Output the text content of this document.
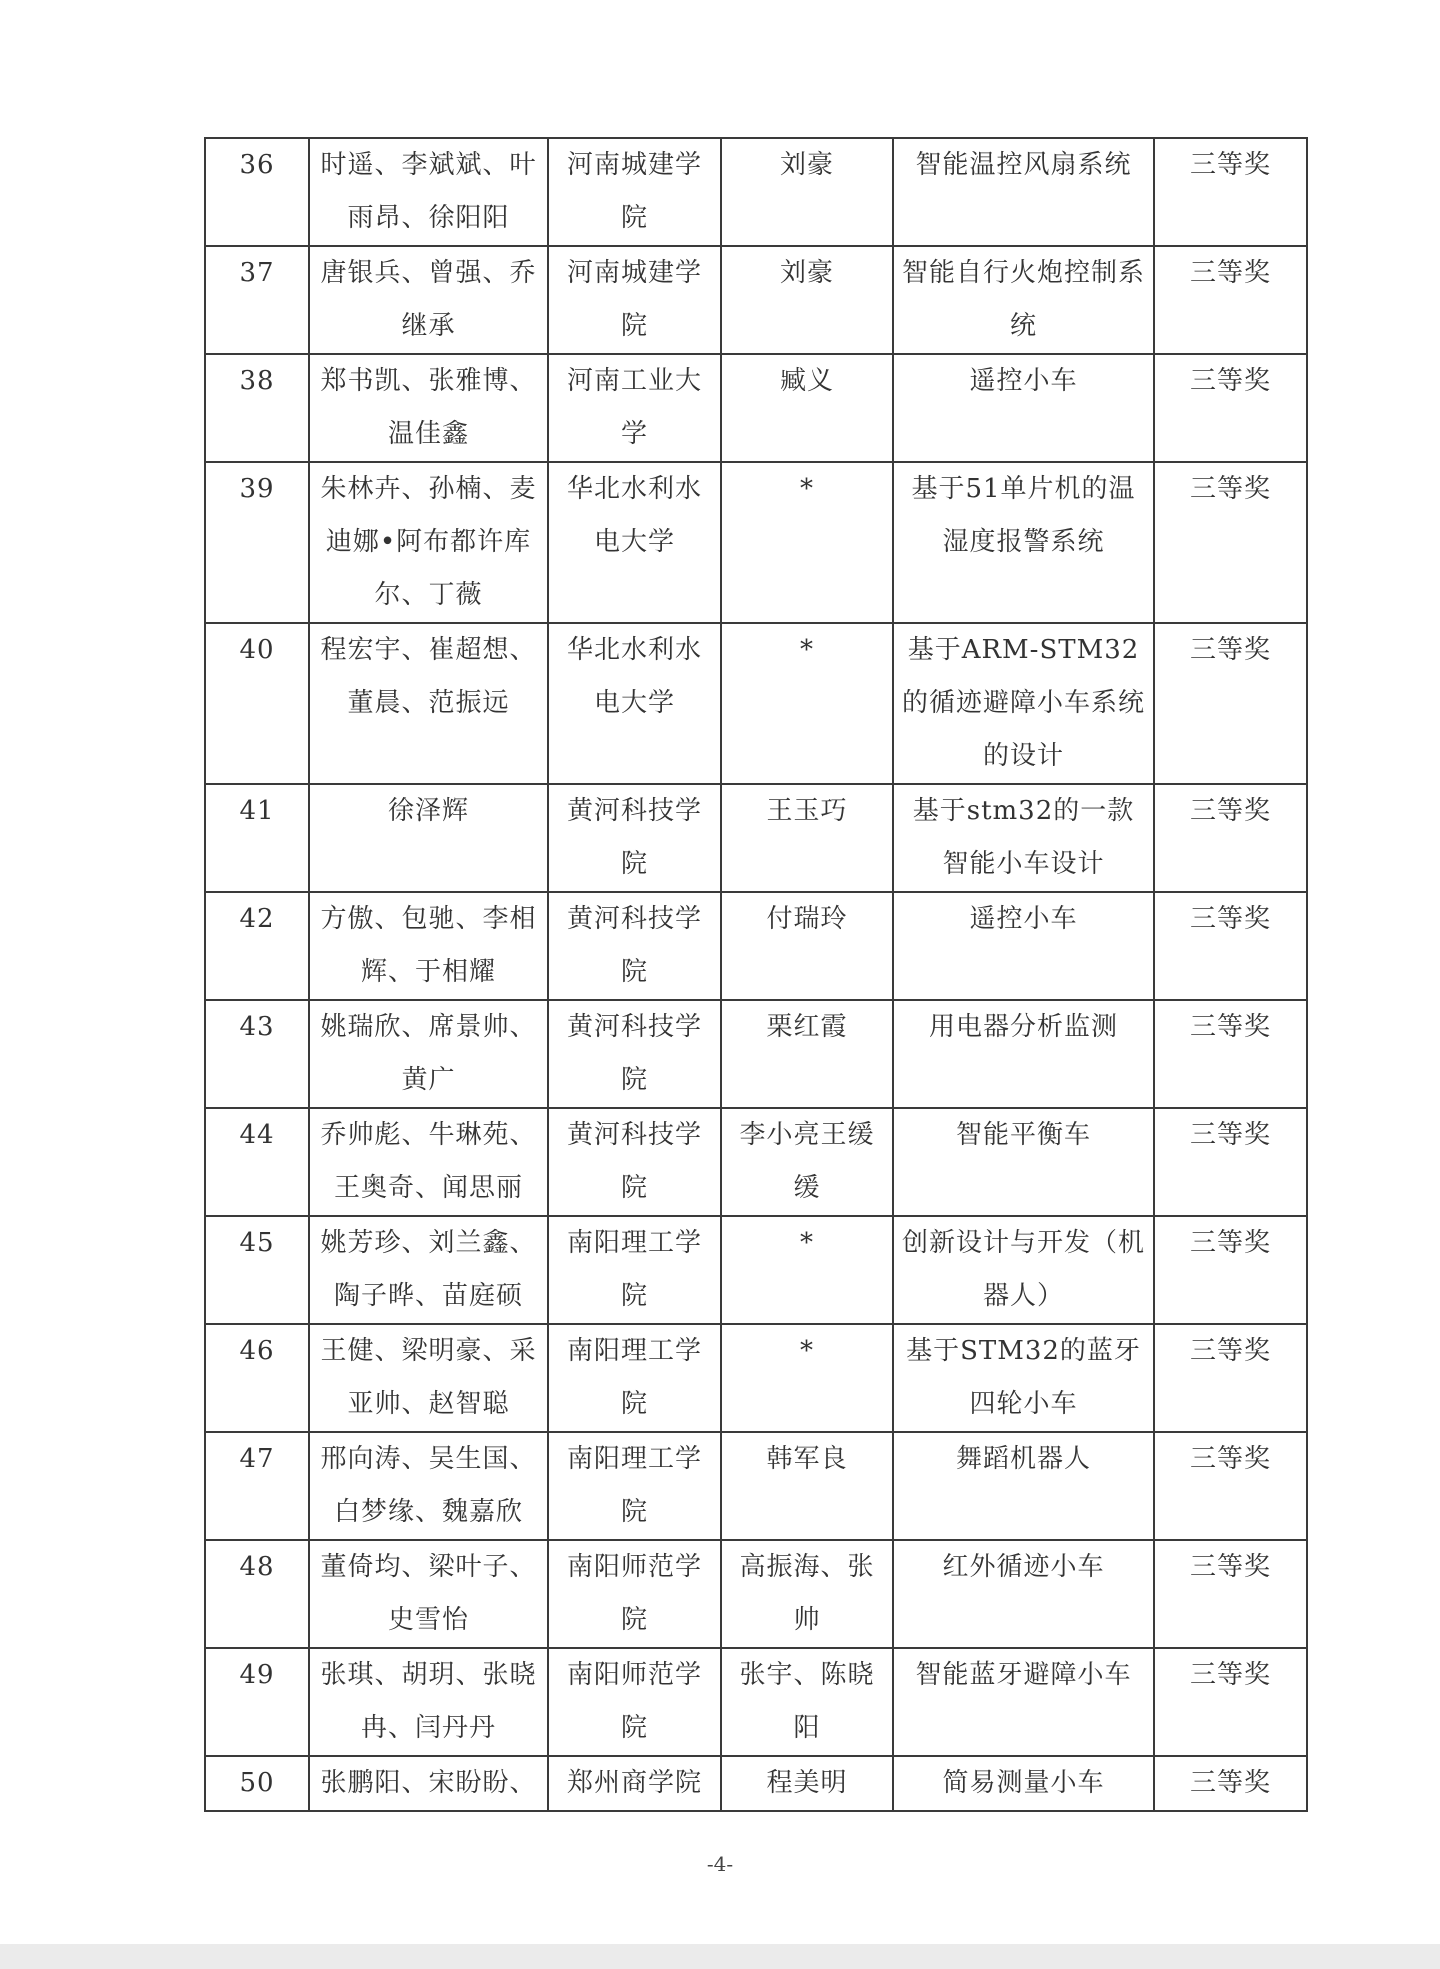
36	时遥、李斌斌、叶雨昂、徐阳阳	河南城建学院	刘豪	智能温控风扇系统	三等奖
37	唐银兵、曾强、乔继承	河南城建学院	刘豪	智能自行火炮控制系统	三等奖
38	郑书凯、张雅博、温佳鑫	河南工业大学	臧义	遥控小车	三等奖
39	朱林卉、孙楠、麦迪娜•阿布都许库尔、丁薇	华北水利水电大学	*	基于51单片机的温湿度报警系统	三等奖
40	程宏宇、崔超想、董晨、范振远	华北水利水电大学	*	基于ARM-STM32的循迹避障小车系统的设计	三等奖
41	徐泽辉	黄河科技学院	王玉巧	基于stm32的一款智能小车设计	三等奖
42	方傲、包驰、李相辉、于相耀	黄河科技学院	付瑞玲	遥控小车	三等奖
43	姚瑞欣、席景帅、黄广	黄河科技学院	栗红霞	用电器分析监测	三等奖
44	乔帅彪、牛琳苑、王奥奇、闻思丽	黄河科技学院	李小亮王缓缓	智能平衡车	三等奖
45	姚芳珍、刘兰鑫、陶子晔、苗庭硕	南阳理工学院	*	创新设计与开发（机器人）	三等奖
46	王健、梁明豪、采亚帅、赵智聪	南阳理工学院	*	基于STM32的蓝牙四轮小车	三等奖
47	邢向涛、吴生国、白梦缘、魏嘉欣	南阳理工学院	韩军良	舞蹈机器人	三等奖
48	董倚均、梁叶子、史雪怡	南阳师范学院	高振海、张帅	红外循迹小车	三等奖
49	张琪、胡玥、张晓冉、闫丹丹	南阳师范学院	张宇、陈晓阳	智能蓝牙避障小车	三等奖
50	张鹏阳、宋盼盼、	郑州商学院	程美明	简易测量小车	三等奖
-4-
